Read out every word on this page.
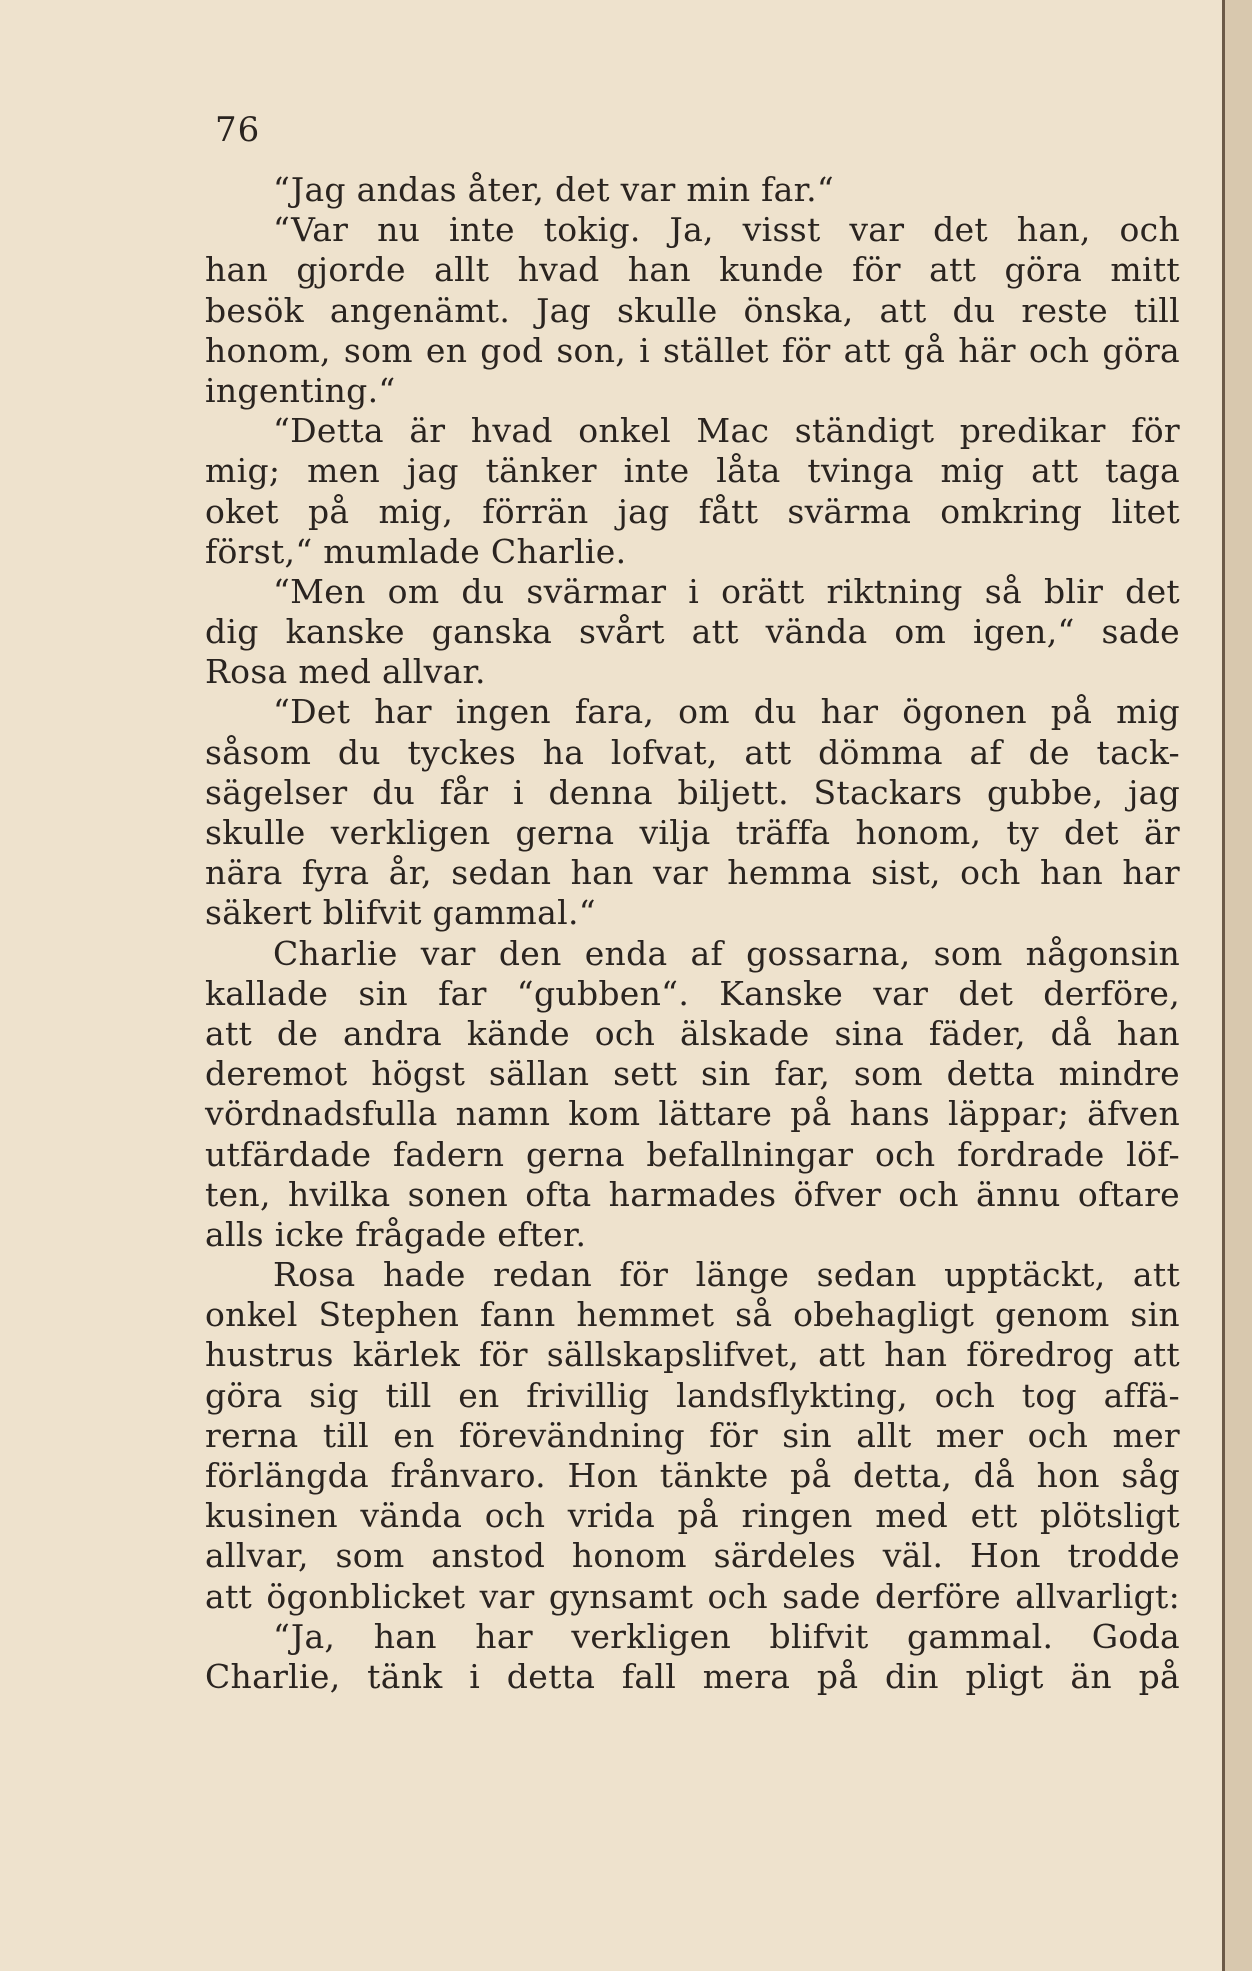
76
“Jag andas åter, det var min far.“
“Var nu inte tokig. Ja, visst var det han, och
han gjorde allt hvad han kunde för att göra mitt
besök angenämt. Jag skulle önska, att du reste till
honom, som en god son, i stället för att gå här och göra
ingenting.“
“Detta är hvad onkel Mac ständigt predikar för
mig; men jag tänker inte låta tvinga mig att taga
oket på mig, förrän jag fått svärma omkring litet
först,“ mumlade Charlie.
“Men om du svärmar i orätt riktning så blir det
dig kanske ganska svårt att vända om igen,“ sade
Rosa med allvar.
“Det har ingen fara, om du har ögonen på mig
såsom du tyckes ha lofvat, att dömma af de tack-
sägelser du får i denna biljett. Stackars gubbe, jag
skulle verkligen gerna vilja träffa honom, ty det är
nära fyra år, sedan han var hemma sist, och han har
säkert blifvit gammal.“
Charlie var den enda af gossarna, som någonsin
kallade sin far “gubben“. Kanske var det derföre,
att de andra kände och älskade sina fäder, då han
deremot högst sällan sett sin far, som detta mindre
vördnadsfulla namn kom lättare på hans läppar; äfven
utfärdade fadern gerna befallningar och fordrade löf-
ten, hvilka sonen ofta harmades öfver och ännu oftare
alls icke frågade efter.
Rosa hade redan för länge sedan upptäckt, att
onkel Stephen fann hemmet så obehagligt genom sin
hustrus kärlek för sällskapslifvet, att han föredrog att
göra sig till en frivillig landsflykting, och tog affä-
rerna till en förevändning för sin allt mer och mer
förlängda frånvaro. Hon tänkte på detta, då hon såg
kusinen vända och vrida på ringen med ett plötsligt
allvar, som anstod honom särdeles väl. Hon trodde
att ögonblicket var gynsamt och sade derföre allvarligt:
“Ja, han har verkligen blifvit gammal. Goda
Charlie, tänk i detta fall mera på din pligt än på
